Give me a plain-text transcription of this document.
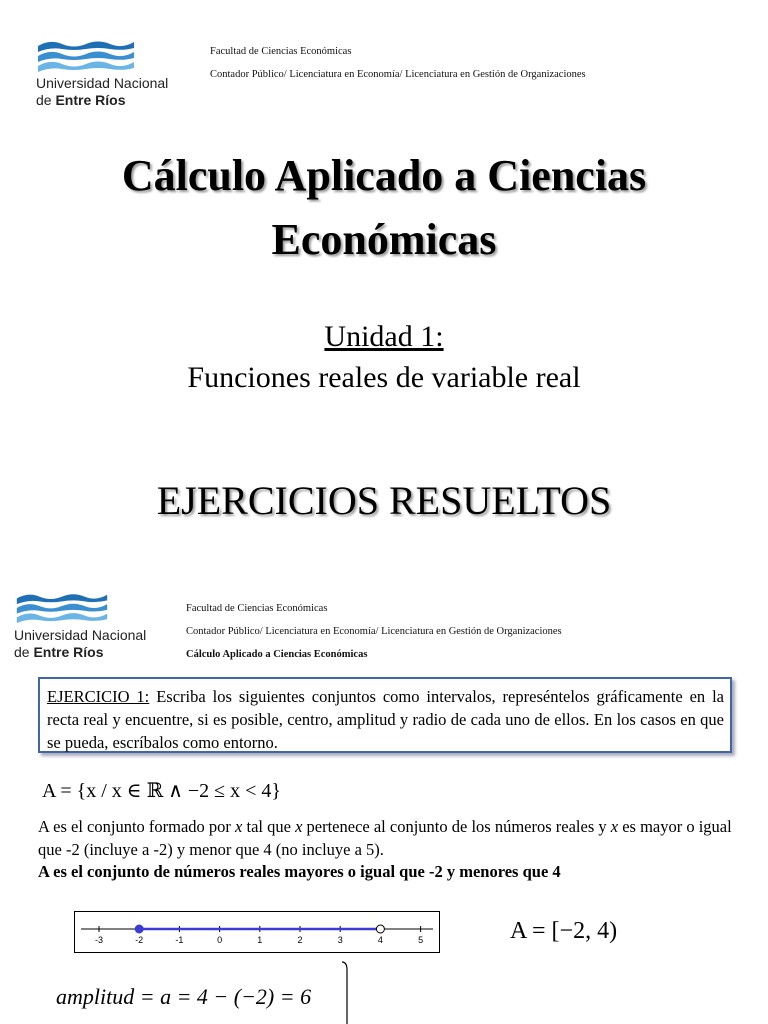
Universidad Nacional
de Entre Ríos
Facultad de Ciencias Económicas
Contador Público/ Licenciatura en Economía/ Licenciatura en Gestión de Organizaciones
Cálculo Aplicado a Ciencias
Económicas
Unidad 1:
Funciones reales de variable real
EJERCICIOS RESUELTOS
Universidad Nacional
de Entre Ríos
Facultad de Ciencias Económicas
Contador Público/ Licenciatura en Economía/ Licenciatura en Gestión de Organizaciones
Cálculo Aplicado a Ciencias Económicas
EJERCICIO 1: Escriba los siguientes conjuntos como intervalos, represéntelos gráficamente en la recta real y encuentre, si es posible, centro, amplitud y radio de cada uno de ellos. En los casos en que se pueda, escríbalos como entorno.
A = {x / x ∈ ℝ ∧ −2 ≤ x < 4}
A es el conjunto formado por x tal que x pertenece al conjunto de los números reales y x es mayor o igual que -2 (incluye a -2) y menor que 4 (no incluye a 5).
A es el conjunto de números reales mayores o igual que -2 y menores que 4
-3	-2	-1	0	1	2	3	4	5	A = [−2, 4)
amplitud = a = 4 − (−2) = 6
